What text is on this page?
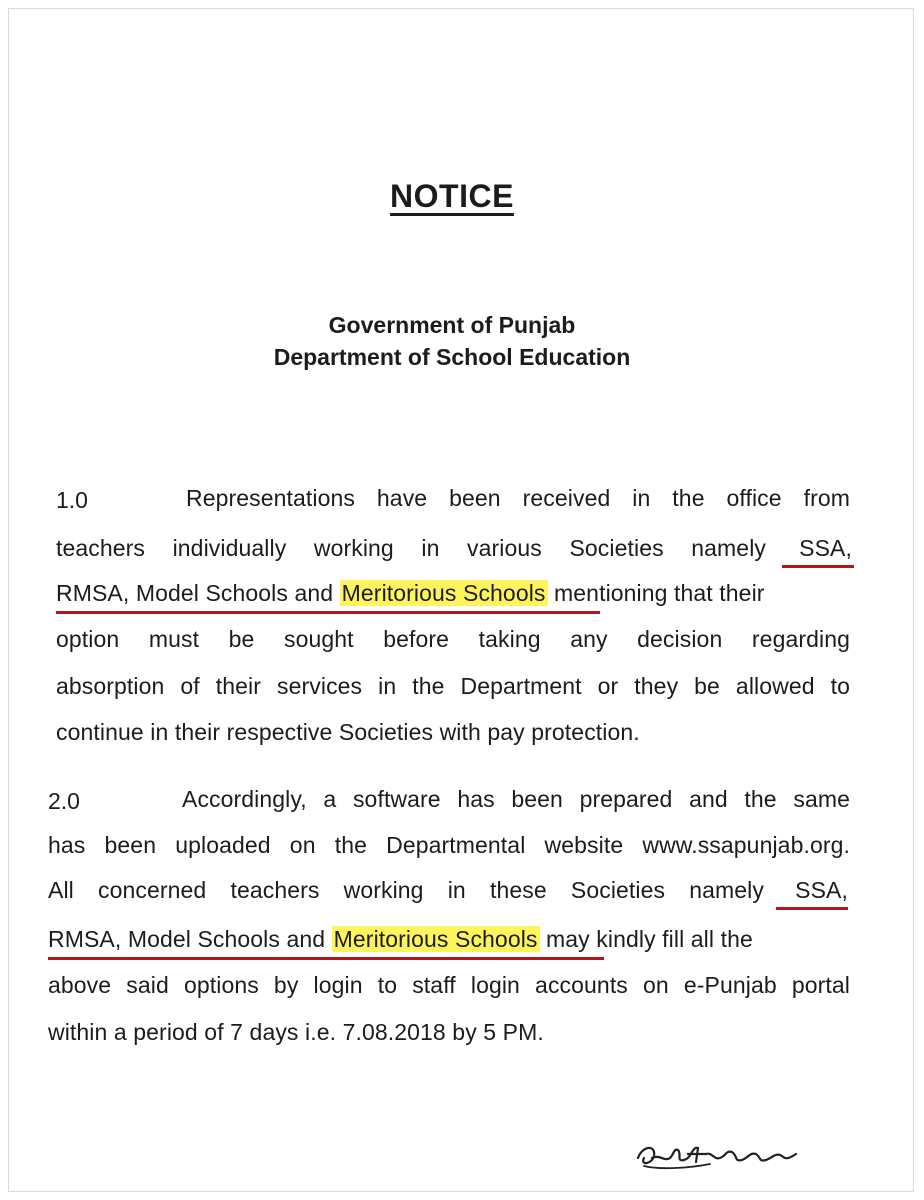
NOTICE
Government of Punjab
Department of School Education
1.0	Representations have been received in the office from
teachers individually working in various Societies namely SSA,
RMSA, Model Schools and Meritorious Schools mentioning that their
option must be sought before taking any decision regarding
absorption of their services in the Department or they be allowed to
continue in their respective Societies with pay protection.
2.0	Accordingly, a software has been prepared and the same
has been uploaded on the Departmental website www.ssapunjab.org.
All concerned teachers working in these Societies namely SSA,
RMSA, Model Schools and Meritorious Schools may kindly fill all the
above said options by login to staff login accounts on e-Punjab portal
within a period of 7 days i.e. 7.08.2018 by 5 PM.
